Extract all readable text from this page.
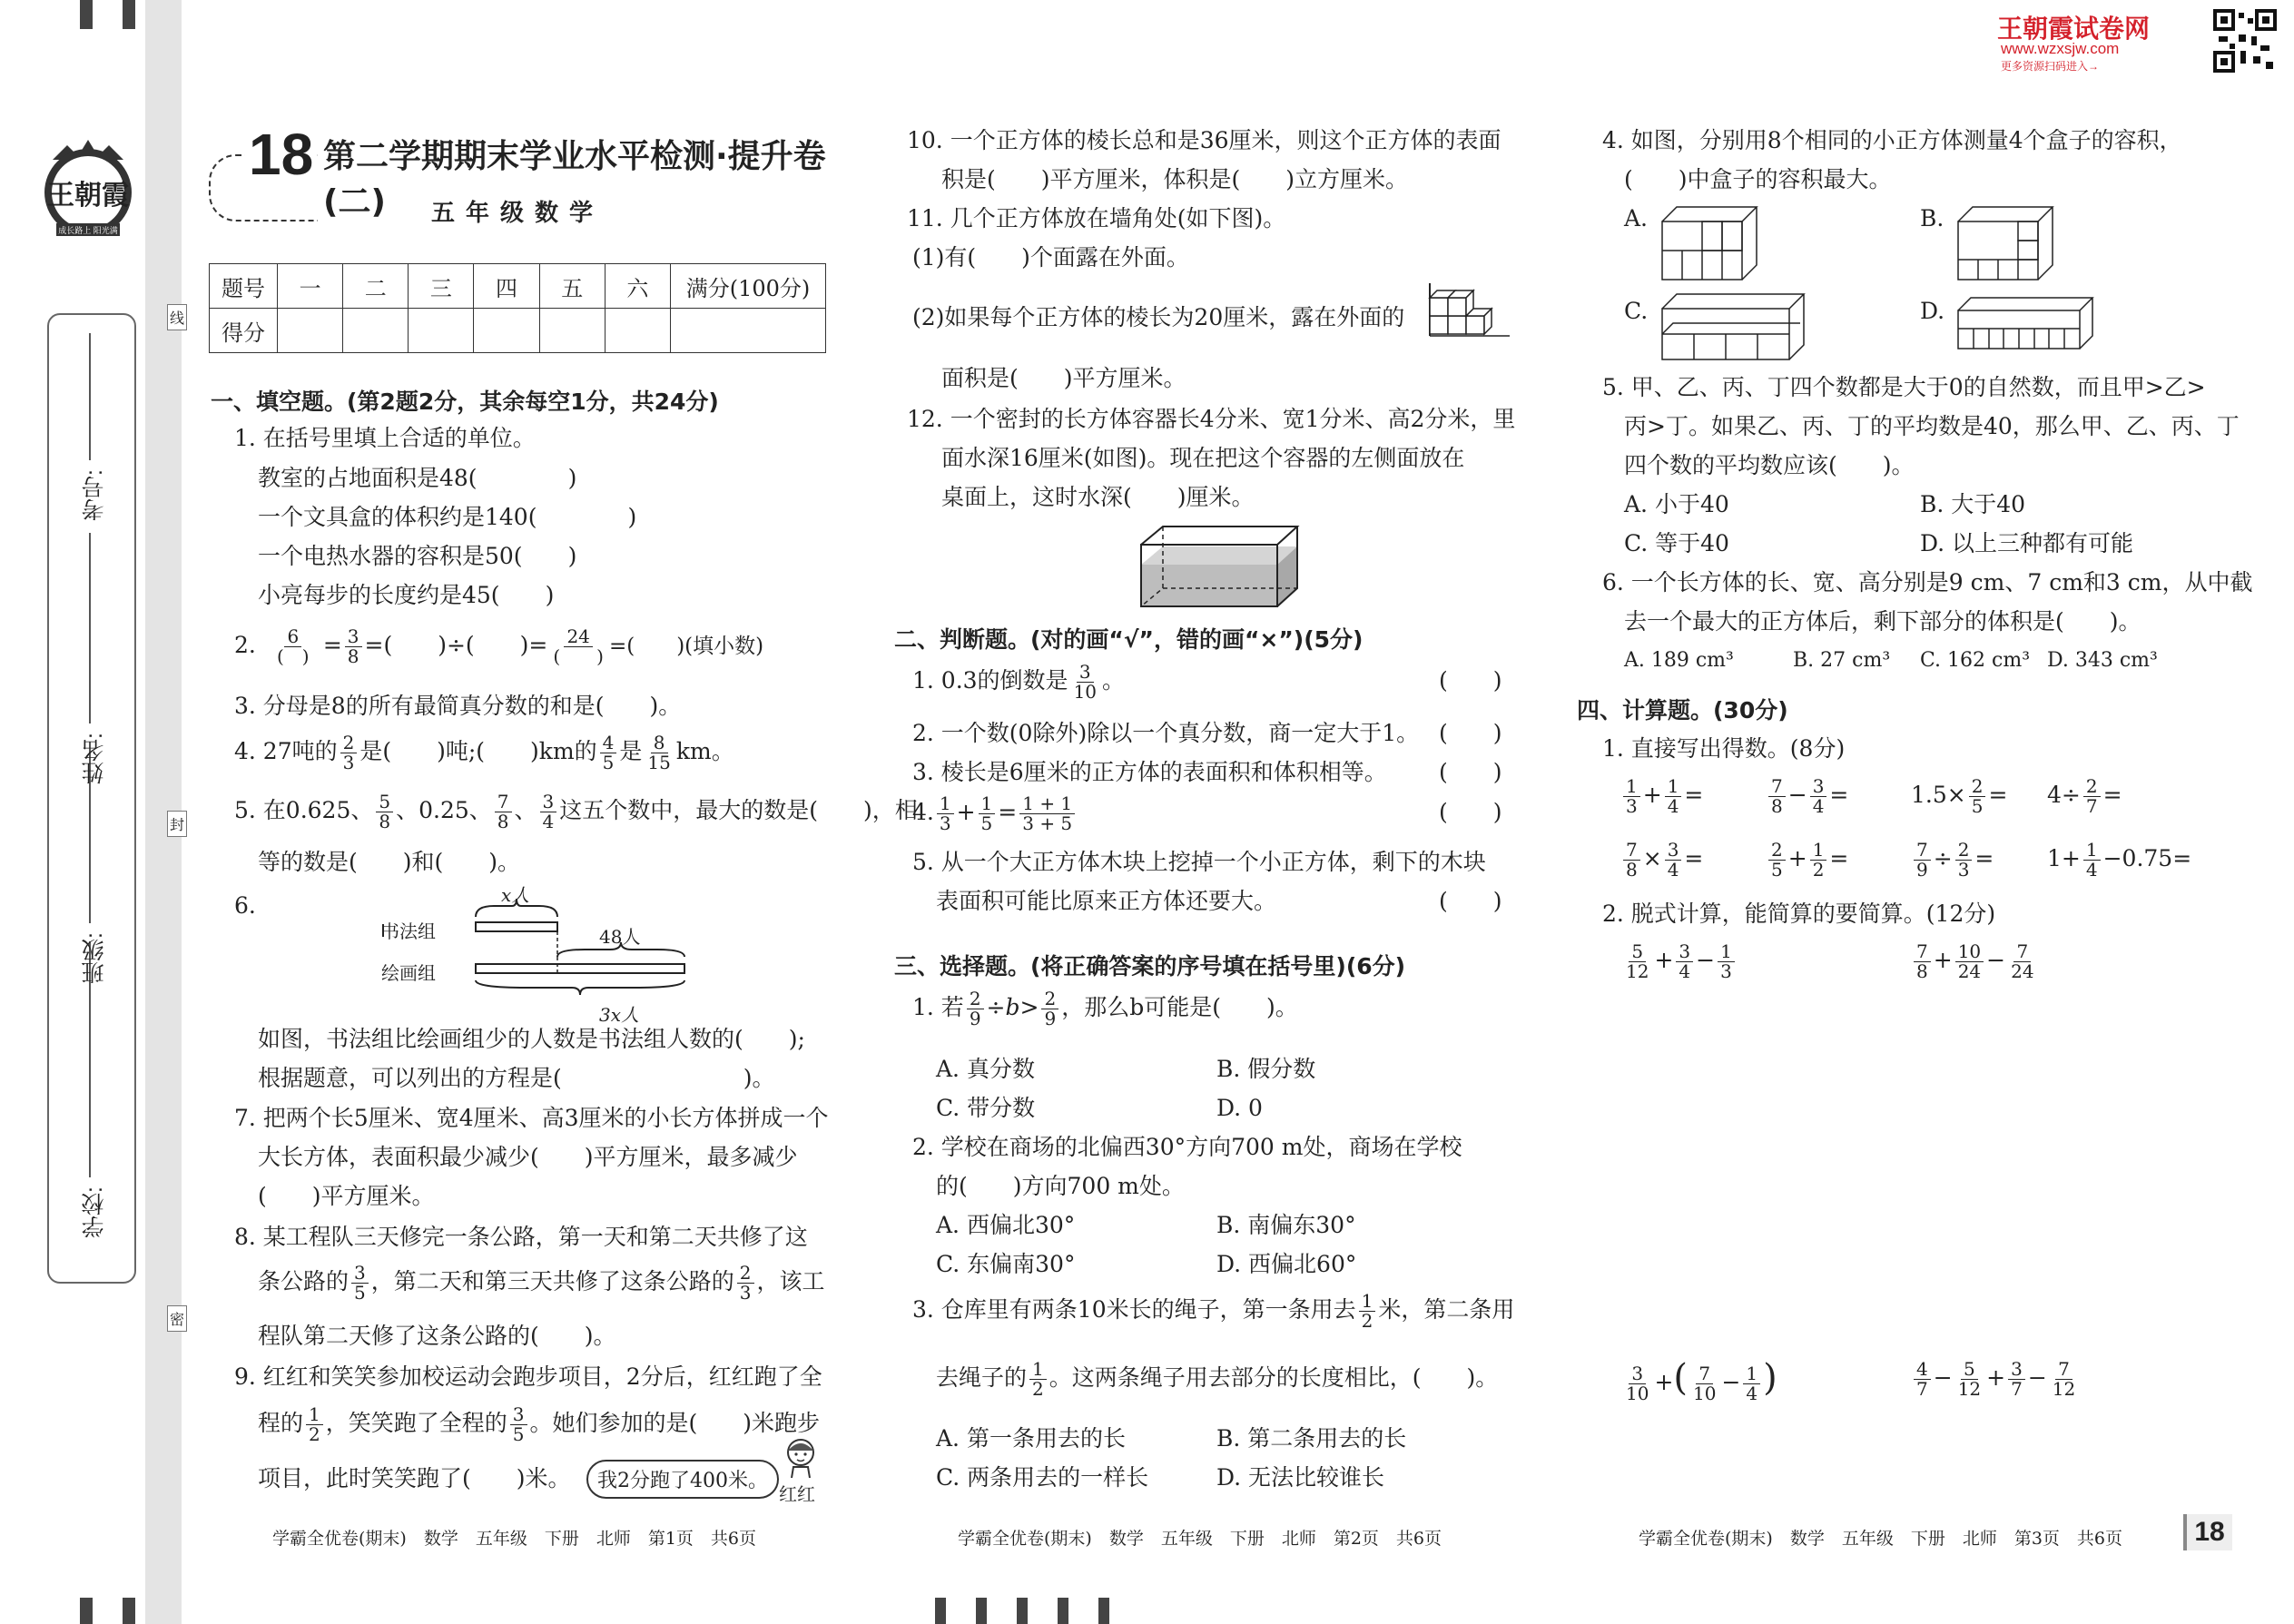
王朝霞
成长路上 阳光满天
学校:
班级:
姓名:
考号:
线
封
密
王朝霞试卷网
www.wzxsjw.com
更多资源扫码进入→
18 第二学期期末学业水平检测·提升卷(二)	五年级数学
题号	一	二	三	四	五	六	满分(100分)
得分							
一、填空题。(第2题2分，其余每空1分，共24分)
1. 在括号里填上合适的单位。
教室的占地面积是48(　　　　)
一个文具盒的体积约是140(　　　　)
一个电热水器的容积是50(　　)
小亮每步的长度约是45(　　)
2. 6
(　) = $\frac{3}{8}$ =(　　)÷(　　)= 24
(　　) =(　　)(填小数)
3. 分母是8的所有最简真分数的和是(　　)。
4. 27吨的 $\frac{2}{3}$ 是(　　)吨;(　　)km的 $\frac{4}{5}$ 是 $\frac{8}{15}$ km。
5. 在0.625、 $\frac{5}{8}$ 、0.25、 $\frac{7}{8}$ 、 $\frac{3}{4}$ 这五个数中，最大的数是(　　)，相
等的数是(　　)和(　　)。
6.
书法组
绘画组
x人
48人
3x人
如图，书法组比绘画组少的人数是书法组人数的(　　);
根据题意，可以列出的方程是(　　　　　　　　)。
7. 把两个长5厘米、宽4厘米、高3厘米的小长方体拼成一个
大长方体，表面积最少减少(　　)平方厘米，最多减少
(　　)平方厘米。
8. 某工程队三天修完一条公路，第一天和第二天共修了这
条公路的 $\frac{3}{5}$ ，第二天和第三天共修了这条公路的 $\frac{2}{3}$ ，该工
程队第二天修了这条公路的(　　)。
9. 红红和笑笑参加校运动会跑步项目，2分后，红红跑了全
程的 $\frac{1}{2}$ ，笑笑跑了全程的 $\frac{3}{5}$ 。她们参加的是(　　)米跑步
项目，此时笑笑跑了(　　)米。	我2分跑了400米。
红红
10. 一个正方体的棱长总和是36厘米，则这个正方体的表面
积是(　　)平方厘米，体积是(　　)立方厘米。
11. 几个正方体放在墙角处(如下图)。
(1)有(　　)个面露在外面。
(2)如果每个正方体的棱长为20厘米，露在外面的
面积是(　　)平方厘米。
12. 一个密封的长方体容器长4分米、宽1分米、高2分米，里
面水深16厘米(如图)。现在把这个容器的左侧面放在
桌面上，这时水深(　　)厘米。
二、判断题。(对的画“√”，错的画“×”)(5分)
1. 0.3的倒数是 $\frac{3}{10}$ 。	(　　)
2. 一个数(0除外)除以一个真分数，商一定大于1。 (　　)
3. 棱长是6厘米的正方体的表面积和体积相等。 (　　)
4. $\frac{1}{3} + \frac{1}{5} = \frac{1 + 1}{3 + 5}$	(　　)
5. 从一个大正方体木块上挖掉一个小正方体，剩下的木块
表面积可能比原来正方体还要大。	(　　)
三、选择题。(将正确答案的序号填在括号里)(6分)
1. 若 $\frac{2}{9} \div b> \frac{2}{9}$ ，那么b可能是(　　)。
A. 真分数	B. 假分数
C. 带分数	D. 0
2. 学校在商场的北偏西30°方向700 m处，商场在学校
的(　　)方向700 m处。
A. 西偏北30°	B. 南偏东30°
C. 东偏南30°	D. 西偏北60°
3. 仓库里有两条10米长的绳子，第一条用去 $\frac{1}{2}$ 米，第二条用
去绳子的 $\frac{1}{2}$ 。这两条绳子用去部分的长度相比，(　　)。
A. 第一条用去的长	B. 第二条用去的长
C. 两条用去的一样长	D. 无法比较谁长
4. 如图，分别用8个相同的小正方体测量4个盒子的容积，
(　　)中盒子的容积最大。
A.	B.
C.	D.
5. 甲、乙、丙、丁四个数都是大于0的自然数，而且甲>乙>
丙>丁。如果乙、丙、丁的平均数是40，那么甲、乙、丙、丁
四个数的平均数应该(　　)。
A. 小于40	B. 大于40
C. 等于40	D. 以上三种都有可能
6. 一个长方体的长、宽、高分别是9 cm、7 cm和3 cm，从中截
去一个最大的正方体后，剩下部分的体积是(　　)。
A. 189 cm³	B. 27 cm³ C. 162 cm³ D. 343 cm³
四、计算题。(30分)
1. 直接写出得数。(8分)
$\frac{1}{3} + \frac{1}{4}$ =	$\frac{7}{8} - \frac{3}{4}$ =	$1.5\times \frac{2}{5} = 4\div \frac{2}{7}$ =
$\frac{7}{8} \times \frac{3}{4}$ =	$\frac{2}{5} + \frac{1}{2}$ =	$\frac{7}{9} \div \frac{2}{3} = 1+ \frac{1}{4} -0.75=$
2. 脱式计算，能简算的要简算。(12分)
$\frac{5}{12} + \frac{3}{4} - \frac{1}{3}$	$\frac{7}{8} + \frac{10}{24} - \frac{7}{24}$
$\frac{3}{10}$ +( $\frac{7}{10} - \frac{1}{4}$ )	$\frac{4}{7} - \frac{5}{12} + \frac{3}{7} - \frac{7}{12}$
学霸全优卷(期末)　数学　五年级　下册　北师　第1页　共6页	学霸全优卷(期末)　数学　五年级　下册　北师　第2页　共6页	学霸全优卷(期末)　数学　五年级　下册　北师　第3页　共6页	18
